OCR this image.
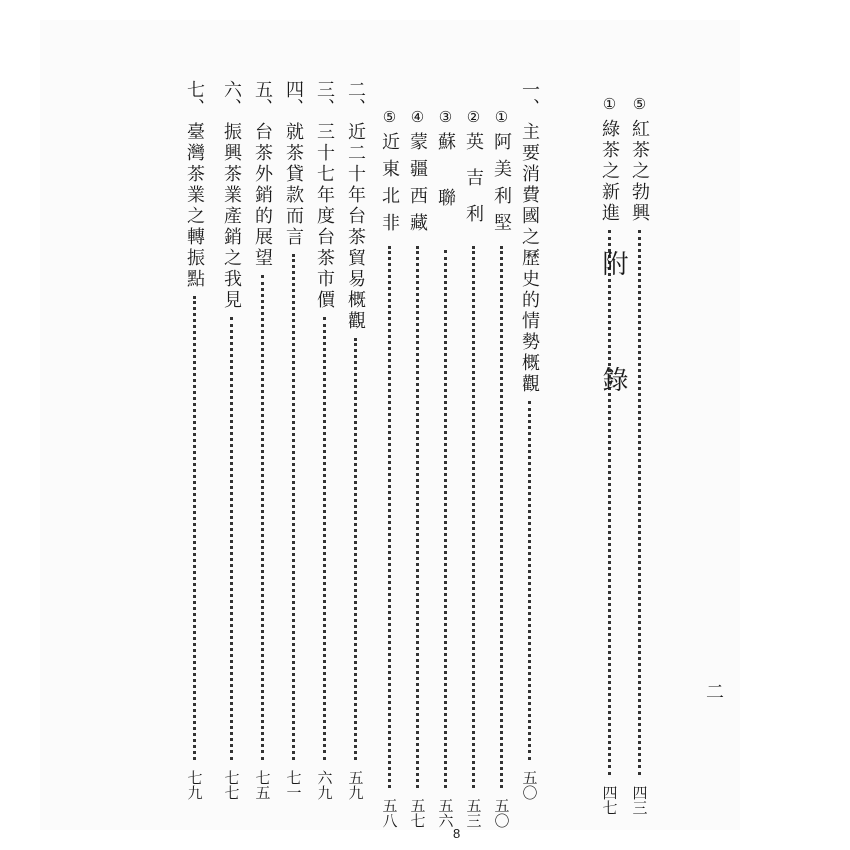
⑤
紅茶之勃興
四三
①
綠茶之新進
四七
附錄
一、
主要消費國之歷史的情勢概觀
五〇
①
阿美利堅
五〇
②
英吉利
五三
③
蘇聯
五六
④
蒙疆西藏
五七
⑤
近東北非
五八
二、
近二十年台茶貿易概觀
五九
三、
三十七年度台茶市價
六九
四、
就茶貸款而言
七一
五、
台茶外銷的展望
七五
六、
振興茶業產銷之我見
七七
七、
臺灣茶業之轉振點
七九
二
8
